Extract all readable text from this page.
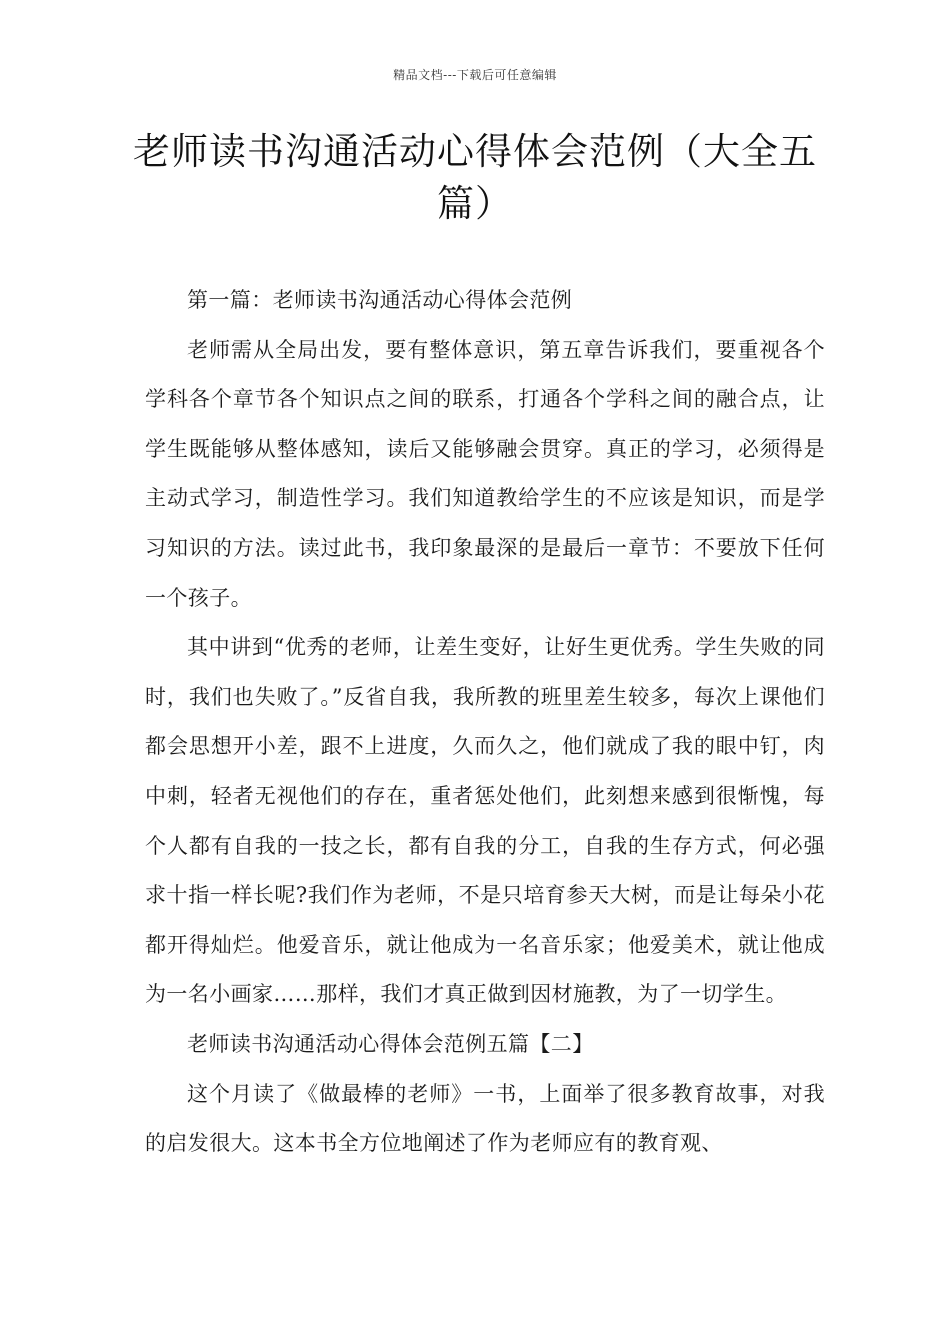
精品文档---下载后可任意编辑
老师读书沟通活动心得体会范例（大全五篇）

第一篇：老师读书沟通活动心得体会范例

老师需从全局出发，要有整体意识，第五章告诉我们，要重视各个学科各个章节各个知识点之间的联系，打通各个学科之间的融合点，让学生既能够从整体感知，读后又能够融会贯穿。真正的学习，必须得是主动式学习，制造性学习。我们知道教给学生的不应该是知识，而是学习知识的方法。读过此书，我印象最深的是最后一章节：不要放下任何一个孩子。

其中讲到“优秀的老师，让差生变好，让好生更优秀。学生失败的同时，我们也失败了。”反省自我，我所教的班里差生较多，每次上课他们都会思想开小差，跟不上进度，久而久之，他们就成了我的眼中钉，肉中刺，轻者无视他们的存在，重者惩处他们，此刻想来感到很惭愧，每个人都有自我的一技之长，都有自我的分工，自我的生存方式，何必强求十指一样长呢?我们作为老师，不是只培育参天大树，而是让每朵小花都开得灿烂。他爱音乐，就让他成为一名音乐家；他爱美术，就让他成为一名小画家……那样，我们才真正做到因材施教，为了一切学生。

老师读书沟通活动心得体会范例五篇【二】

这个月读了《做最棒的老师》一书，上面举了很多教育故事，对我的启发很大。这本书全方位地阐述了作为老师应有的教育观、
